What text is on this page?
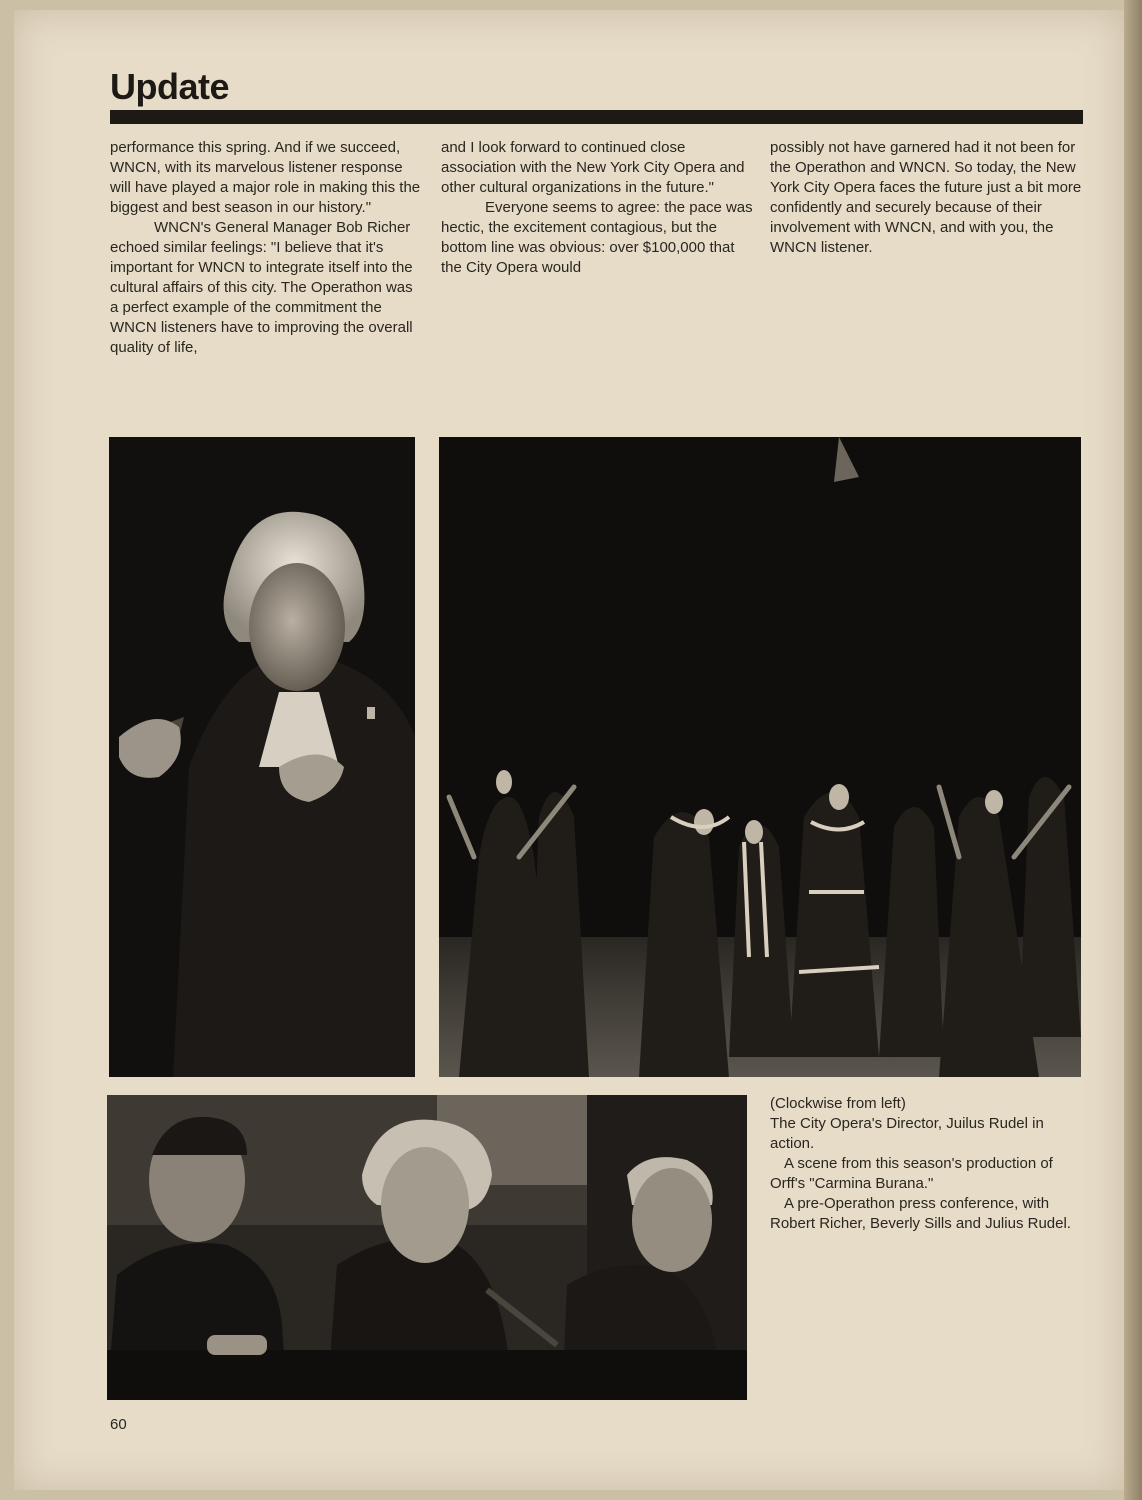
Update

performance this spring. And if we succeed, WNCN, with its marvelous listener response will have played a major role in making this the biggest and best season in our history."

WNCN's General Manager Bob Richer echoed similar feelings: "I believe that it's important for WNCN to integrate itself into the cultural affairs of this city. The Operathon was a perfect example of the commitment the WNCN listeners have to improving the overall quality of life,

and I look forward to continued close association with the New York City Opera and other cultural organizations in the future."

Everyone seems to agree: the pace was hectic, the excitement contagious, but the bottom line was obvious: over $100,000 that the City Opera would

possibly not have garnered had it not been for the Operathon and WNCN. So today, the New York City Opera faces the future just a bit more confidently and securely because of their involvement with WNCN, and with you, the WNCN listener.

(Clockwise from left)

The City Opera's Director, Juilus Rudel in action.

A scene from this season's production of Orff's "Carmina Burana."

A pre-Operathon press conference, with Robert Richer, Beverly Sills and Julius Rudel.

60
